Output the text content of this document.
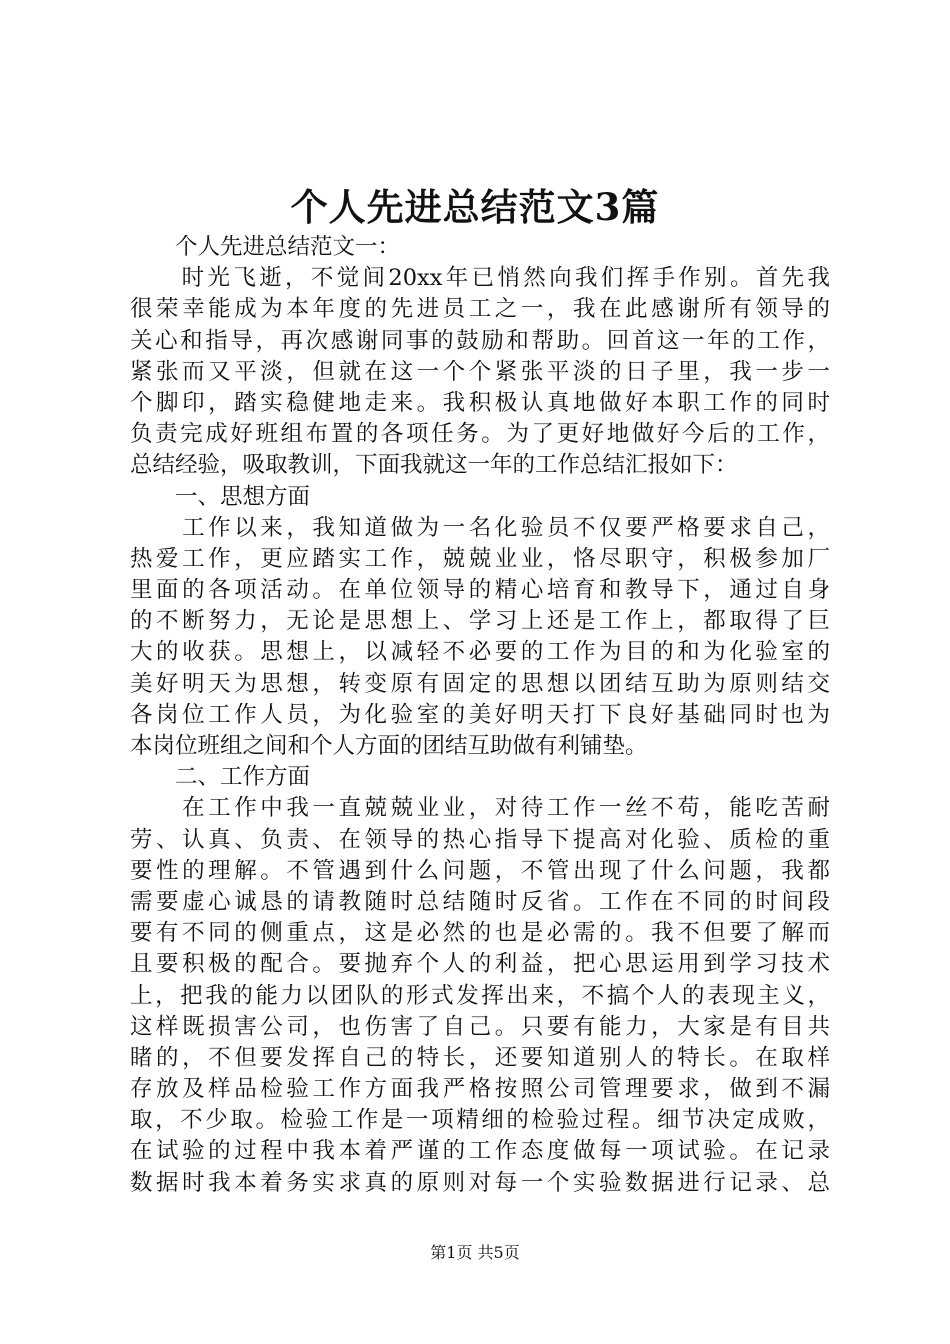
个人先进总结范文3篇
　　个人先进总结范文一：
　　时光飞逝，不觉间20xx年已悄然向我们挥手作别。首先我
很荣幸能成为本年度的先进员工之一，我在此感谢所有领导的
关心和指导，再次感谢同事的鼓励和帮助。回首这一年的工作，
紧张而又平淡，但就在这一个个紧张平淡的日子里，我一步一
个脚印，踏实稳健地走来。我积极认真地做好本职工作的同时
负责完成好班组布置的各项任务。为了更好地做好今后的工作，
总结经验，吸取教训，下面我就这一年的工作总结汇报如下：
　　一、思想方面
　　工作以来，我知道做为一名化验员不仅要严格要求自己，
热爱工作，更应踏实工作，兢兢业业，恪尽职守，积极参加厂
里面的各项活动。在单位领导的精心培育和教导下，通过自身
的不断努力，无论是思想上、学习上还是工作上，都取得了巨
大的收获。思想上，以减轻不必要的工作为目的和为化验室的
美好明天为思想，转变原有固定的思想以团结互助为原则结交
各岗位工作人员，为化验室的美好明天打下良好基础同时也为
本岗位班组之间和个人方面的团结互助做有利铺垫。
　　二、工作方面
　　在工作中我一直兢兢业业，对待工作一丝不苟，能吃苦耐
劳、认真、负责、在领导的热心指导下提高对化验、质检的重
要性的理解。不管遇到什么问题，不管出现了什么问题，我都
需要虚心诚恳的请教随时总结随时反省。工作在不同的时间段
要有不同的侧重点，这是必然的也是必需的。我不但要了解而
且要积极的配合。要抛弃个人的利益，把心思运用到学习技术
上，把我的能力以团队的形式发挥出来，不搞个人的表现主义，
这样既损害公司，也伤害了自己。只要有能力，大家是有目共
睹的，不但要发挥自己的特长，还要知道别人的特长。在取样
存放及样品检验工作方面我严格按照公司管理要求，做到不漏
取，不少取。检验工作是一项精细的检验过程。细节决定成败，
在试验的过程中我本着严谨的工作态度做每一项试验。在记录
数据时我本着务实求真的原则对每一个实验数据进行记录、总
第1页 共5页
